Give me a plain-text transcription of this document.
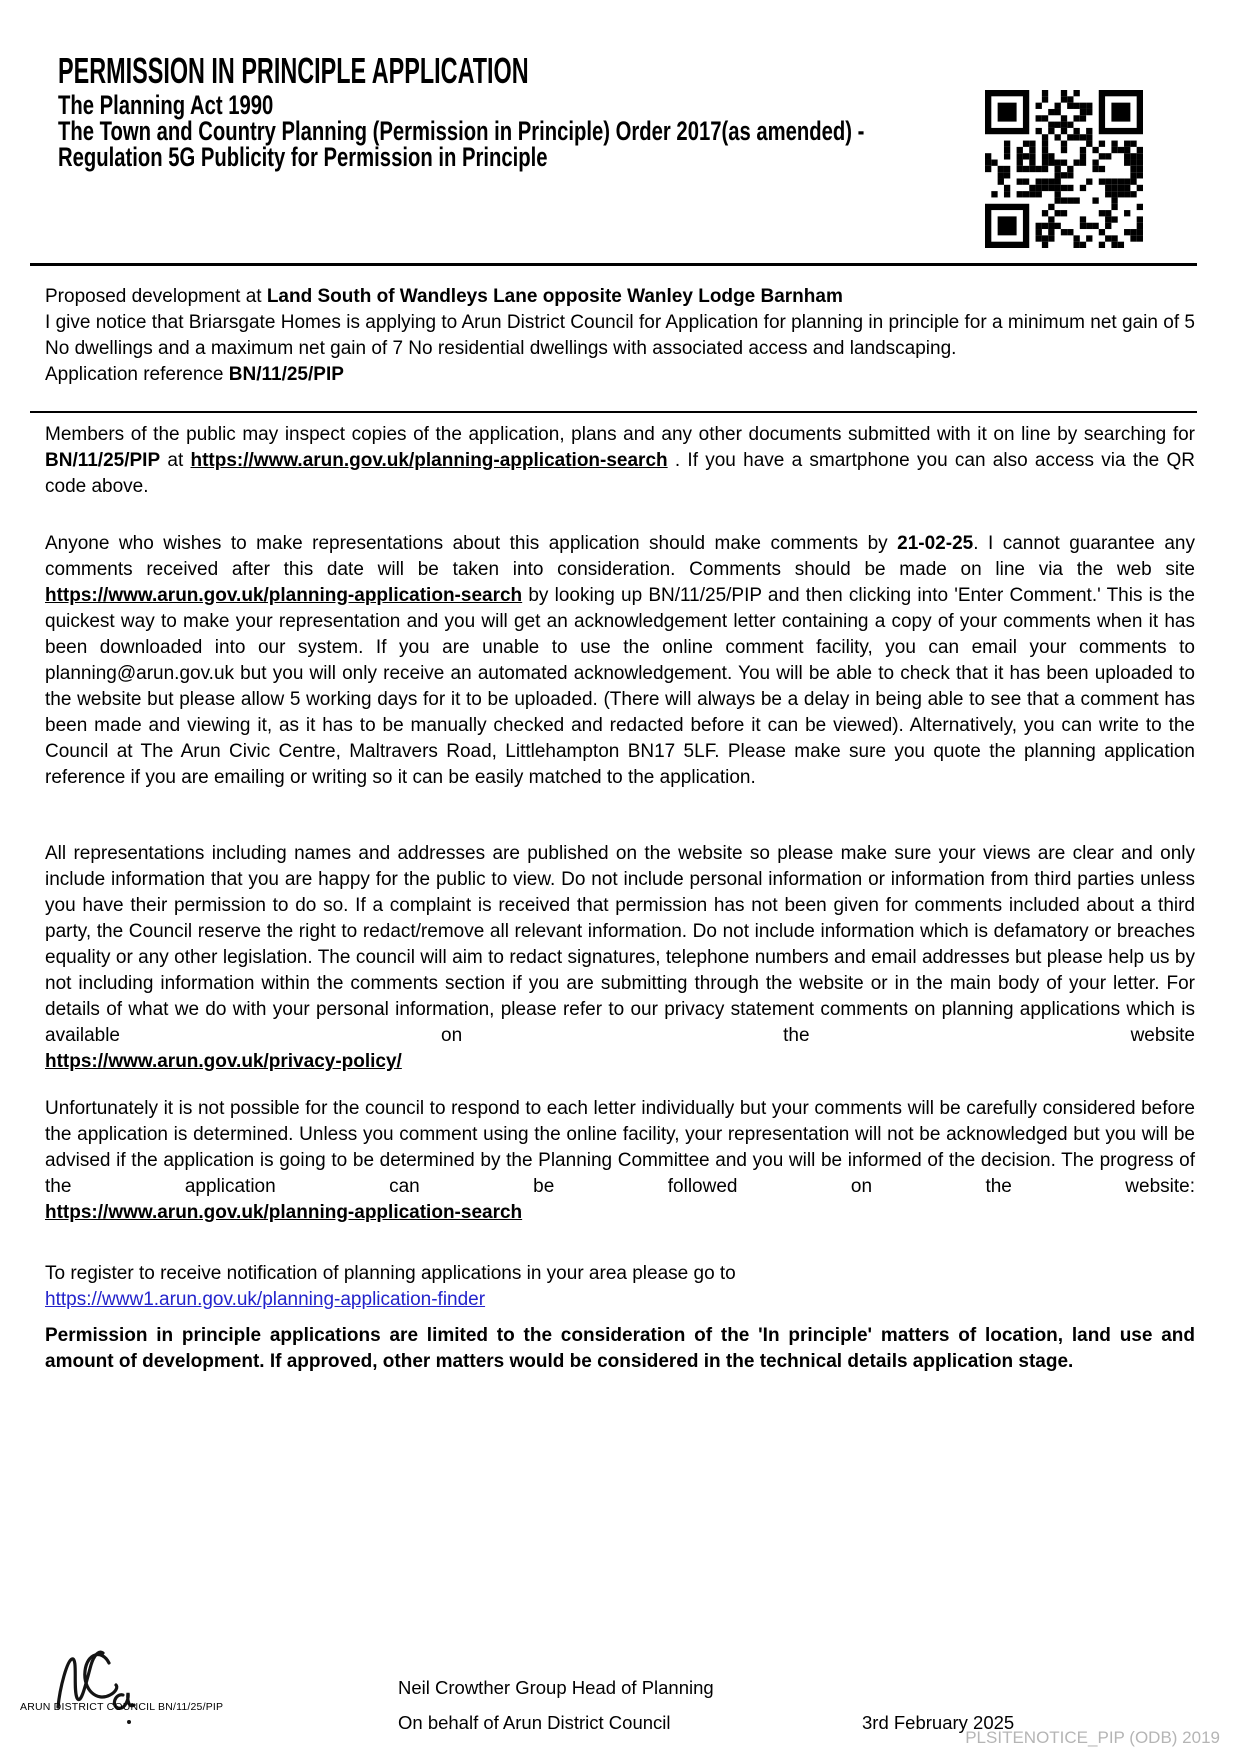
PERMISSION IN PRINCIPLE APPLICATION
The Planning Act 1990
The Town and Country Planning (Permission in Principle) Order 2017(as amended) -
Regulation 5G Publicity for Permission in Principle
Proposed development at Land South of Wandleys Lane opposite Wanley Lodge Barnham
I give notice that Briarsgate Homes is applying to Arun District Council for Application for planning in principle for a minimum net gain of 5 No dwellings and a maximum net gain of 7 No residential dwellings with associated access and landscaping.
Application reference BN/11/25/PIP
Members of the public may inspect copies of the application, plans and any other documents submitted with it on line by searching for BN/11/25/PIP at https://www.arun.gov.uk/planning-application-search . If you have a smartphone you can also access via the QR code above.
Anyone who wishes to make representations about this application should make comments by 21-02-25. I cannot guarantee any comments received after this date will be taken into consideration. Comments should be made on line via the web site https://www.arun.gov.uk/planning-application-search by looking up BN/11/25/PIP and then clicking into 'Enter Comment.' This is the quickest way to make your representation and you will get an acknowledgement letter containing a copy of your comments when it has been downloaded into our system. If you are unable to use the online comment facility, you can email your comments to planning@arun.gov.uk but you will only receive an automated acknowledgement. You will be able to check that it has been uploaded to the website but please allow 5 working days for it to be uploaded. (There will always be a delay in being able to see that a comment has been made and viewing it, as it has to be manually checked and redacted before it can be viewed). Alternatively, you can write to the Council at The Arun Civic Centre, Maltravers Road, Littlehampton BN17 5LF. Please make sure you quote the planning application reference if you are emailing or writing so it can be easily matched to the application.
All representations including names and addresses are published on the website so please make sure your views are clear and only include information that you are happy for the public to view. Do not include personal information or information from third parties unless you have their permission to do so. If a complaint is received that permission has not been given for comments included about a third party, the Council reserve the right to redact/remove all relevant information. Do not include information which is defamatory or breaches equality or any other legislation. The council will aim to redact signatures, telephone numbers and email addresses but please help us by not including information within the comments section if you are submitting through the website or in the main body of your letter. For details of what we do with your personal information, please refer to our privacy statement comments on planning applications which is available on the website
https://www.arun.gov.uk/privacy-policy/
Unfortunately it is not possible for the council to respond to each letter individually but your comments will be carefully considered before the application is determined. Unless you comment using the online facility, your representation will not be acknowledged but you will be advised if the application is going to be determined by the Planning Committee and you will be informed of the decision. The progress of the application can be followed on the website:
https://www.arun.gov.uk/planning-application-search
To register to receive notification of planning applications in your area please go to
https://www1.arun.gov.uk/planning-application-finder
Permission in principle applications are limited to the consideration of the 'In principle' matters of location, land use and amount of development. If approved, other matters would be considered in the technical details application stage.
ARUN DISTRICT COUNCIL BN/11/25/PIP
Neil Crowther Group Head of Planning
On behalf of Arun District Council	3rd February 2025
PLSITENOTICE_PIP (ODB) 2019
